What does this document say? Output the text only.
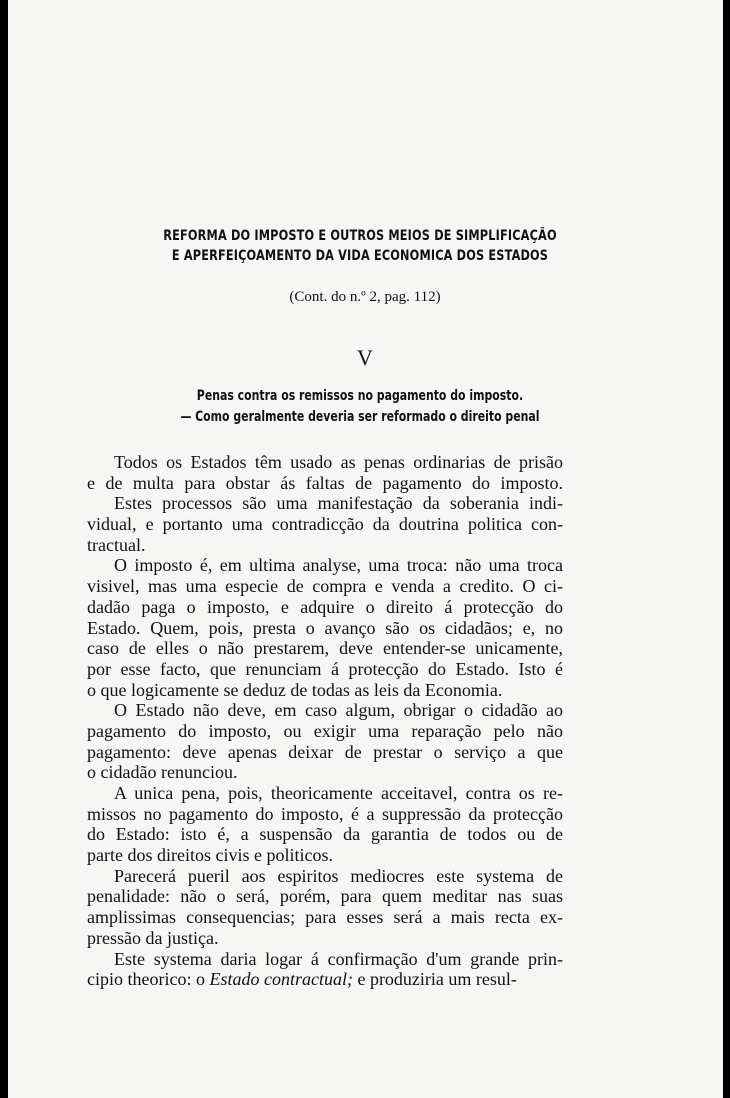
REFORMA DO IMPOSTO E OUTROS MEIOS DE SIMPLIFICAÇÃO
E APERFEIÇOAMENTO DA VIDA ECONOMICA DOS ESTADOS
(Cont. do n.º 2, pag. 112)
V
Penas contra os remissos no pagamento do imposto.
— Como geralmente deveria ser reformado o direito penal
Todos os Estados têm usado as penas ordinarias de prisão
e de multa para obstar ás faltas de pagamento do imposto.
Estes processos são uma manifestação da soberania indi-
vidual, e portanto uma contradicção da doutrina politica con-
tractual.
O imposto é, em ultima analyse, uma troca: não uma troca
visivel, mas uma especie de compra e venda a credito. O ci-
dadão paga o imposto, e adquire o direito á protecção do
Estado. Quem, pois, presta o avanço são os cidadãos; e, no
caso de elles o não prestarem, deve entender-se unicamente,
por esse facto, que renunciam á protecção do Estado. Isto é
o que logicamente se deduz de todas as leis da Economia.
O Estado não deve, em caso algum, obrigar o cidadão ao
pagamento do imposto, ou exigir uma reparação pelo não
pagamento: deve apenas deixar de prestar o serviço a que
o cidadão renunciou.
A unica pena, pois, theoricamente acceitavel, contra os re-
missos no pagamento do imposto, é a suppressão da protecção
do Estado: isto é, a suspensão da garantia de todos ou de
parte dos direitos civis e politicos.
Parecerá pueril aos espiritos mediocres este systema de
penalidade: não o será, porém, para quem meditar nas suas
amplissimas consequencias; para esses será a mais recta ex-
pressão da justiça.
Este systema daria logar á confirmação d'um grande prin-
cipio theorico: o Estado contractual; e produziria um resul-
